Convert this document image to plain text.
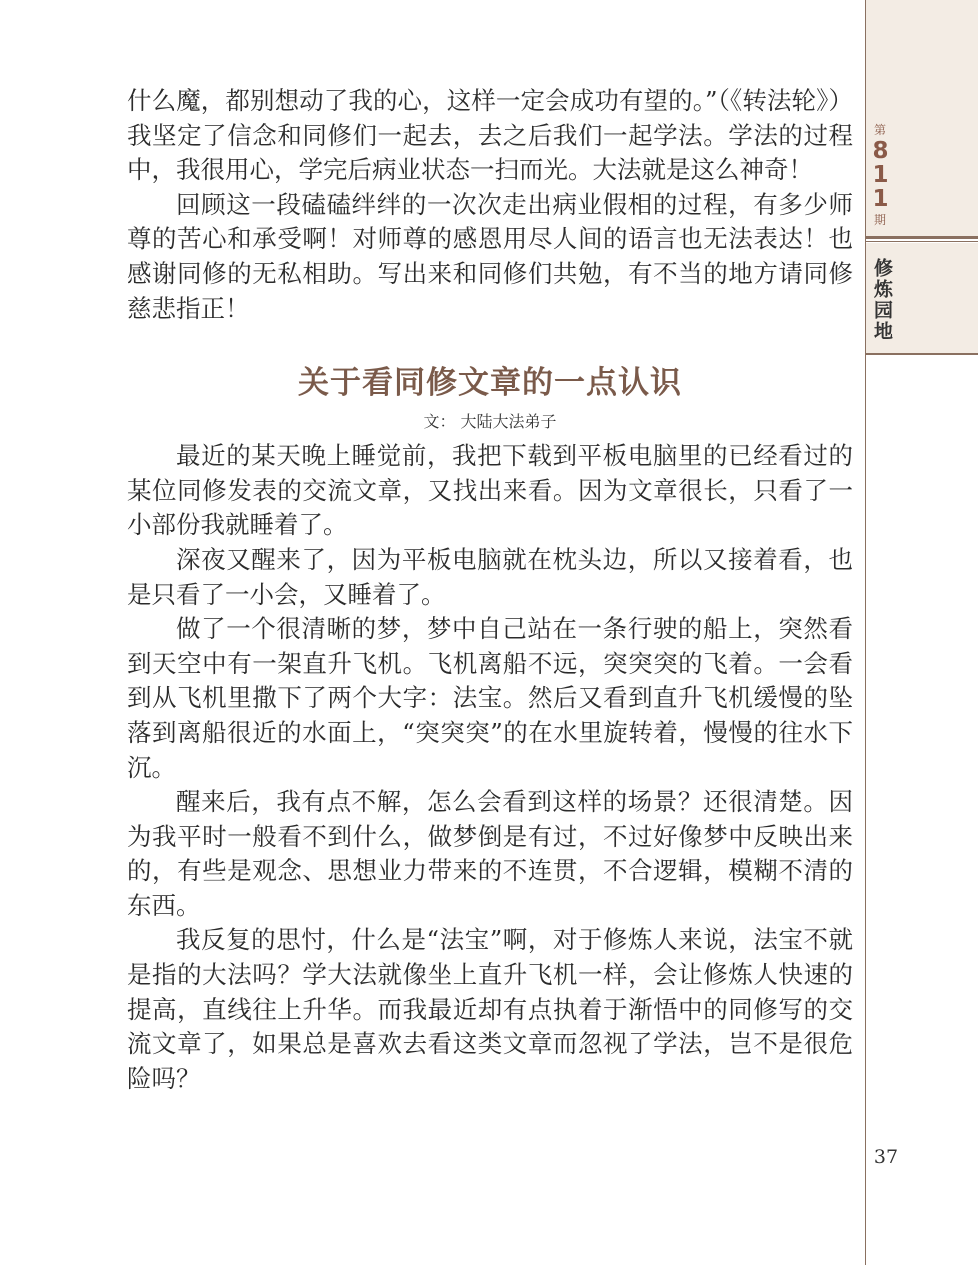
第
811
期
修炼园地
37

什么魔，都别想动了我的心，这样一定会成功有望的。”（《转法轮》）我坚定了信念和同修们一起去，去之后我们一起学法。学法的过程中，我很用心，学完后病业状态一扫而光。大法就是这么神奇！

回顾这一段磕磕绊绊的一次次走出病业假相的过程，有多少师尊的苦心和承受啊！对师尊的感恩用尽人间的语言也无法表达！也感谢同修的无私相助。写出来和同修们共勉，有不当的地方请同修慈悲指正！

关于看同修文章的一点认识
文： 大陆大法弟子

最近的某天晚上睡觉前，我把下载到平板电脑里的已经看过的某位同修发表的交流文章，又找出来看。因为文章很长，只看了一小部份我就睡着了。

深夜又醒来了，因为平板电脑就在枕头边，所以又接着看，也是只看了一小会，又睡着了。

做了一个很清晰的梦，梦中自己站在一条行驶的船上，突然看到天空中有一架直升飞机。飞机离船不远，突突突的飞着。一会看到从飞机里撒下了两个大字：法宝。然后又看到直升飞机缓慢的坠落到离船很近的水面上，“突突突”的在水里旋转着，慢慢的往水下沉。

醒来后，我有点不解，怎么会看到这样的场景？还很清楚。因为我平时一般看不到什么，做梦倒是有过，不过好像梦中反映出来的，有些是观念、思想业力带来的不连贯，不合逻辑，模糊不清的东西。

我反复的思忖，什么是“法宝”啊，对于修炼人来说，法宝不就是指的大法吗？学大法就像坐上直升飞机一样，会让修炼人快速的提高，直线往上升华。而我最近却有点执着于渐悟中的同修写的交流文章了，如果总是喜欢去看这类文章而忽视了学法，岂不是很危险吗？
